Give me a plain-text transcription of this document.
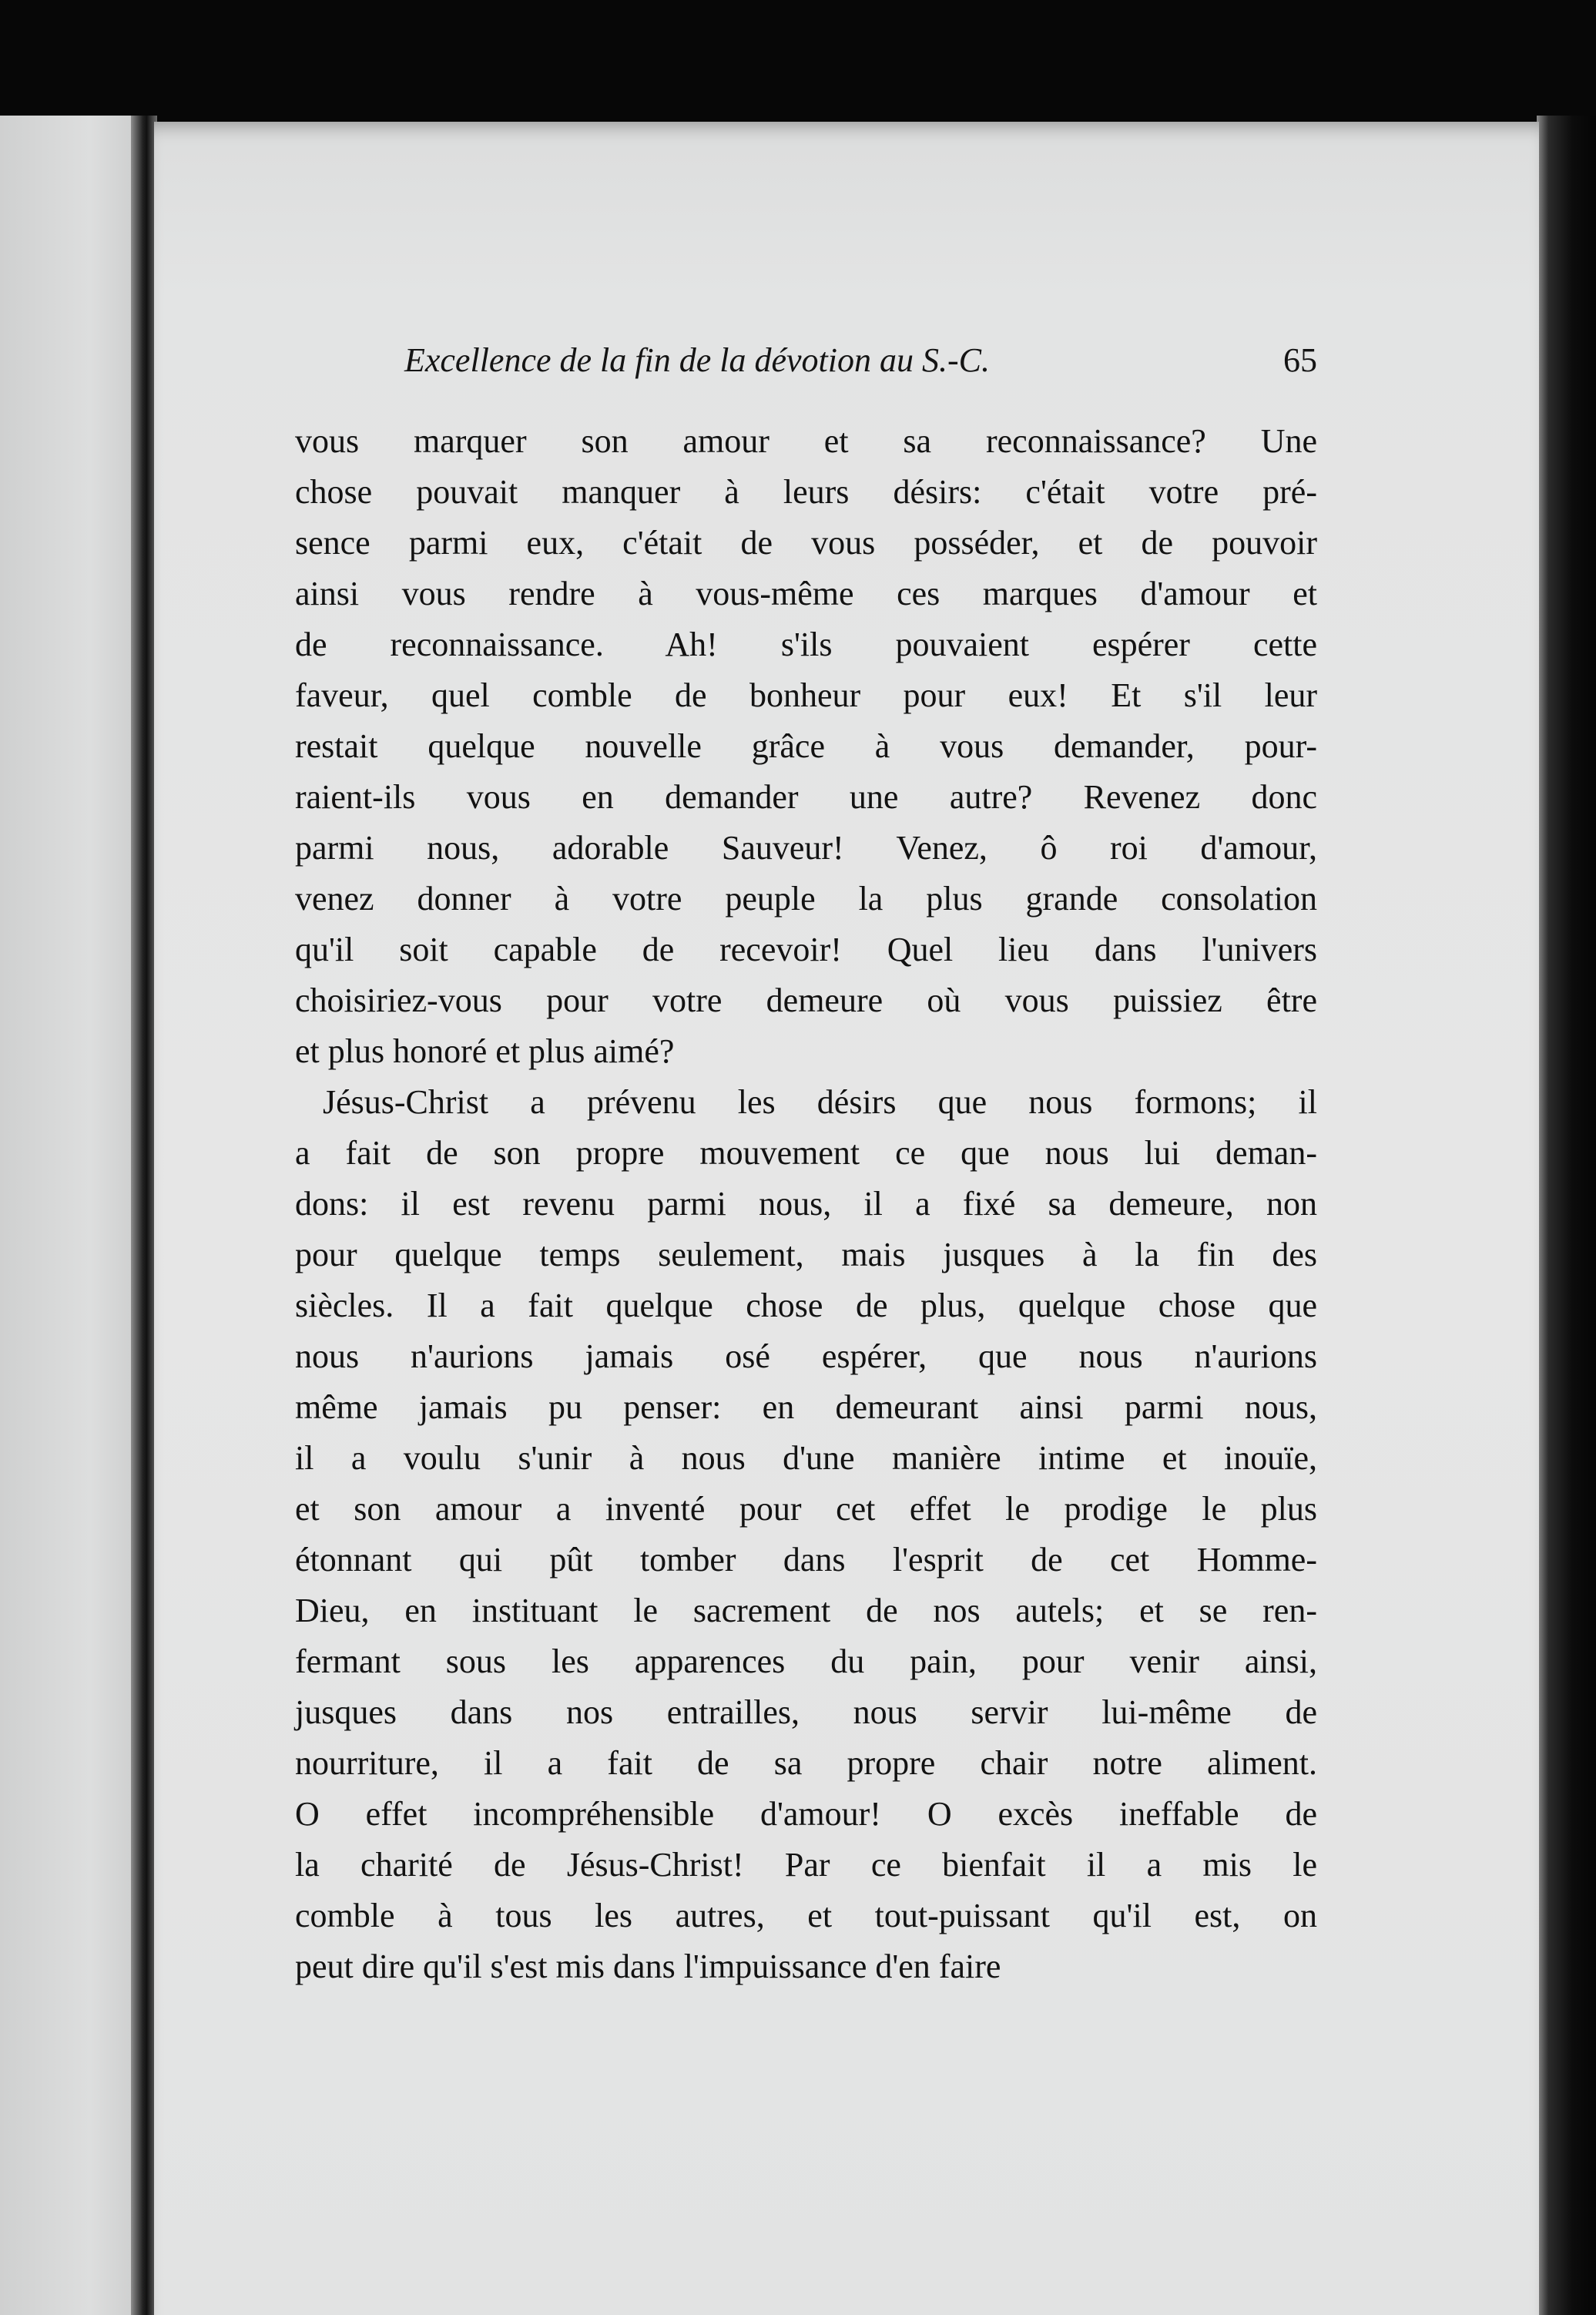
Excellence de la fin de la dévotion au S.-C.	65

vous marquer son amour et sa reconnaissance? Une
chose pouvait manquer à leurs désirs: c'était votre pré-
sence parmi eux, c'était de vous posséder, et de pouvoir
ainsi vous rendre à vous-même ces marques d'amour et
de reconnaissance. Ah! s'ils pouvaient espérer cette
faveur, quel comble de bonheur pour eux! Et s'il leur
restait quelque nouvelle grâce à vous demander, pour-
raient-ils vous en demander une autre? Revenez donc
parmi nous, adorable Sauveur! Venez, ô roi d'amour,
venez donner à votre peuple la plus grande consolation
qu'il soit capable de recevoir! Quel lieu dans l'univers
choisiriez-vous pour votre demeure où vous puissiez être
et plus honoré et plus aimé?

Jésus-Christ a prévenu les désirs que nous formons; il
a fait de son propre mouvement ce que nous lui deman-
dons: il est revenu parmi nous, il a fixé sa demeure, non
pour quelque temps seulement, mais jusques à la fin des
siècles. Il a fait quelque chose de plus, quelque chose que
nous n'aurions jamais osé espérer, que nous n'aurions
même jamais pu penser: en demeurant ainsi parmi nous,
il a voulu s'unir à nous d'une manière intime et inouïe,
et son amour a inventé pour cet effet le prodige le plus
étonnant qui pût tomber dans l'esprit de cet Homme-
Dieu, en instituant le sacrement de nos autels; et se ren-
fermant sous les apparences du pain, pour venir ainsi,
jusques dans nos entrailles, nous servir lui-même de
nourriture, il a fait de sa propre chair notre aliment.
O effet incompréhensible d'amour! O excès ineffable de
la charité de Jésus-Christ! Par ce bienfait il a mis le
comble à tous les autres, et tout-puissant qu'il est, on
peut dire qu'il s'est mis dans l'impuissance d'en faire
